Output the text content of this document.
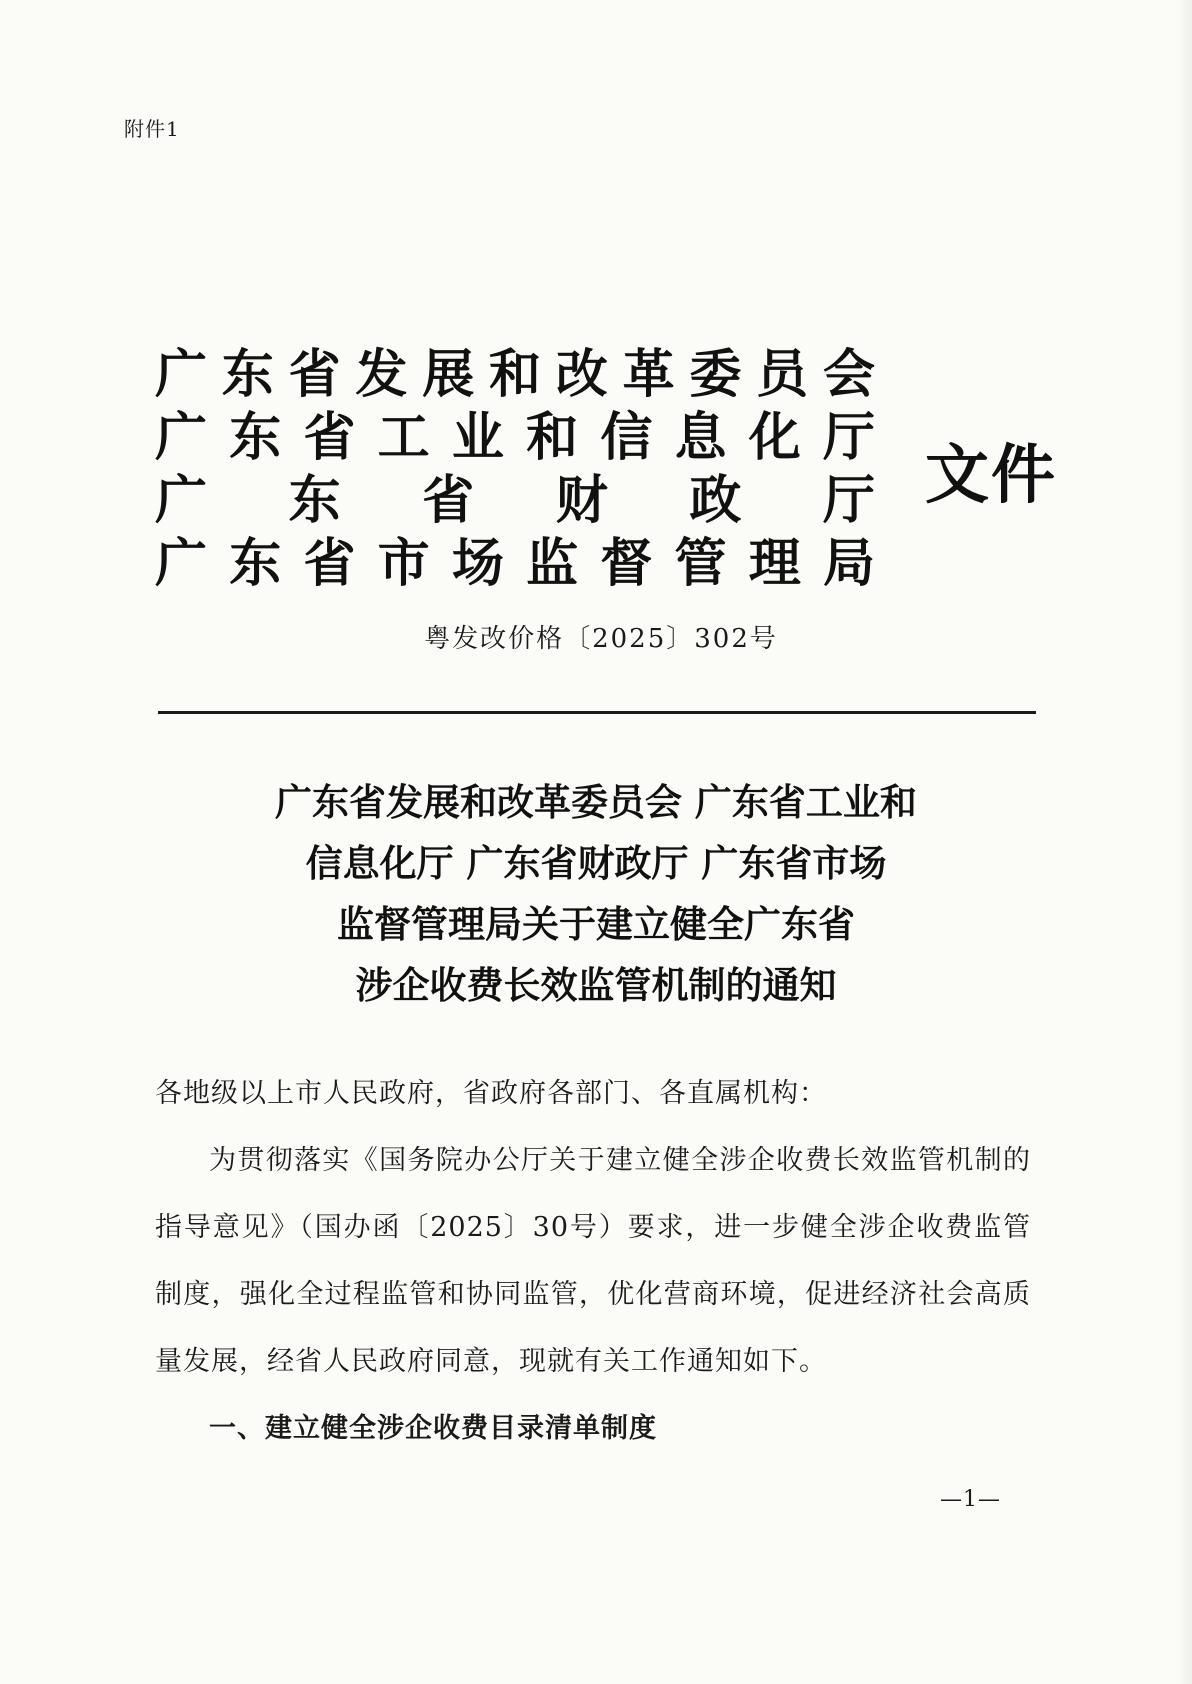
附件1
广 东 省 发 展 和 改 革 委 员 会
广 东 省 工 业 和 信 息 化 厅
广 东 省 财 政 厅
广 东 省 市 场 监 督 管 理 局
文件
粤发改价格〔2025〕302号
广东省发展和改革委员会 广东省工业和
信息化厅 广东省财政厅 广东省市场
监督管理局关于建立健全广东省
涉企收费长效监管机制的通知
各地级以上市人民政府，省政府各部门、各直属机构：
为贯彻落实《国务院办公厅关于建立健全涉企收费长效监管机制的指导意见》（国办函〔2025〕30号）要求，进一步健全涉企收费监管制度，强化全过程监管和协同监管，优化营商环境，促进经济社会高质量发展，经省人民政府同意，现就有关工作通知如下。
一、建立健全涉企收费目录清单制度
—1—
